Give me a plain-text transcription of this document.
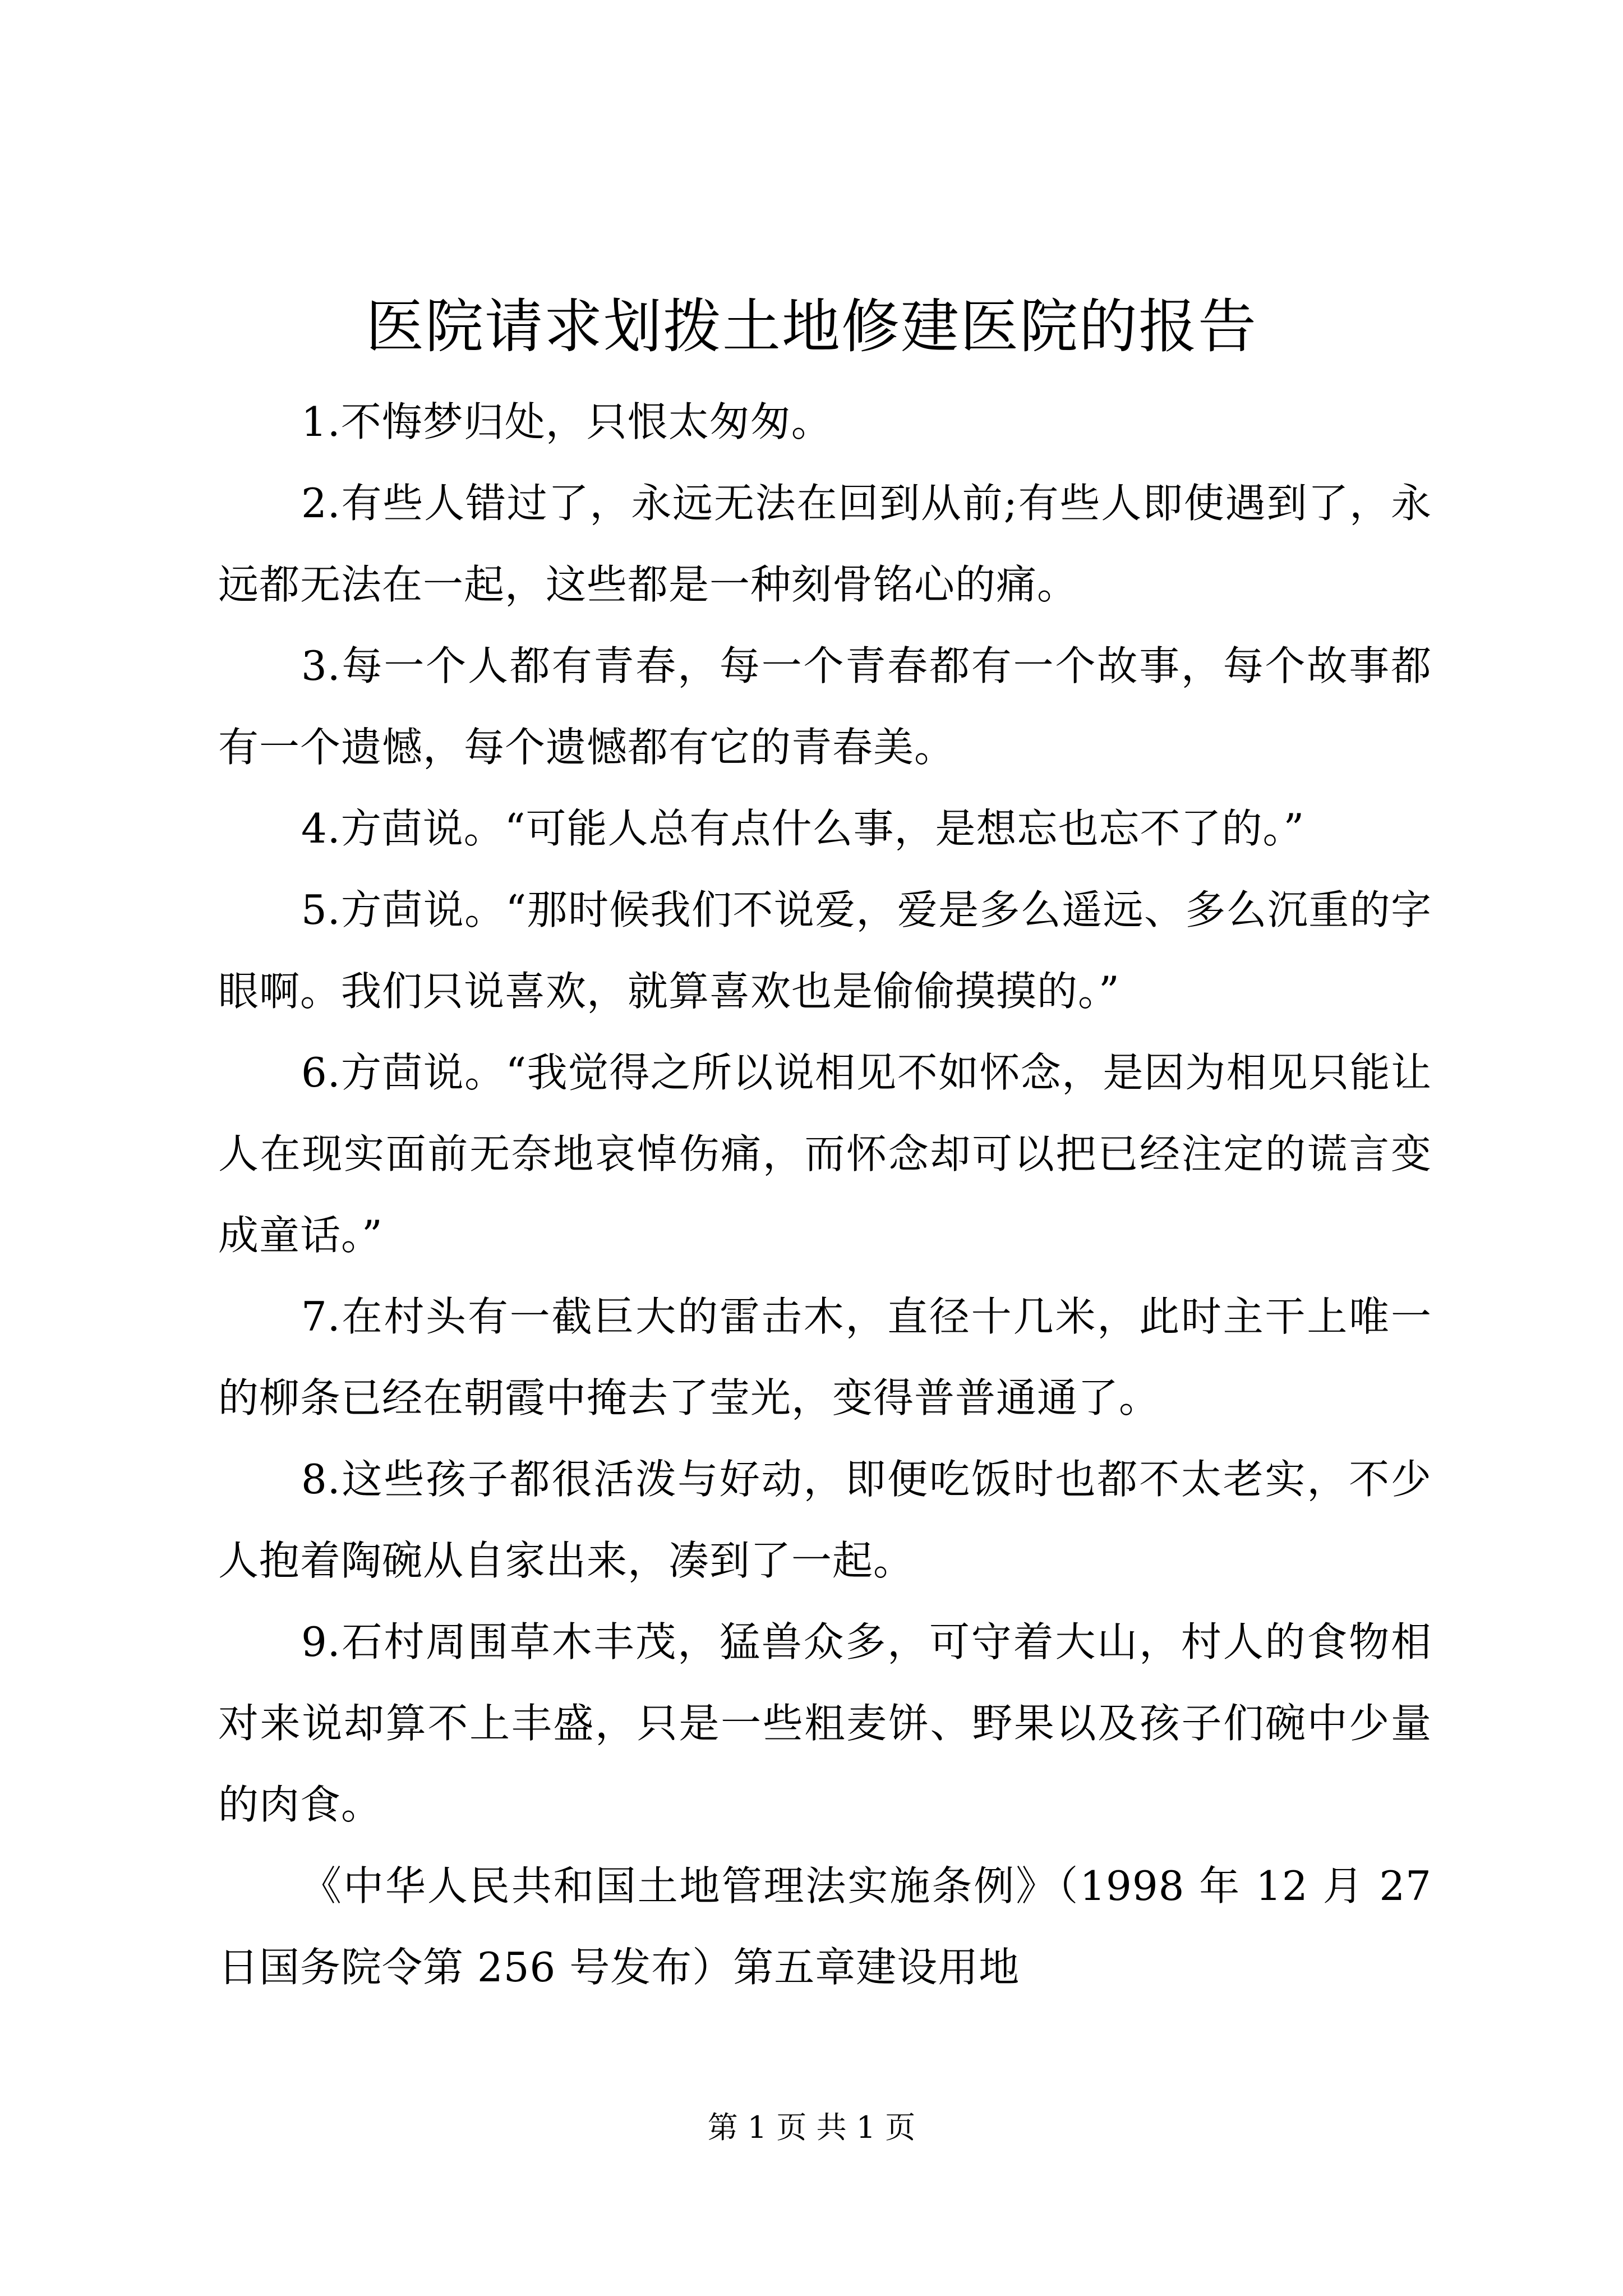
医院请求划拨土地修建医院的报告

1.不悔梦归处，只恨太匆匆。

2.有些人错过了，永远无法在回到从前;有些人即使遇到了，永远都无法在一起，这些都是一种刻骨铭心的痛。

3.每一个人都有青春，每一个青春都有一个故事，每个故事都有一个遗憾，每个遗憾都有它的青春美。

4.方茴说。“可能人总有点什么事，是想忘也忘不了的。”

5.方茴说。“那时候我们不说爱，爱是多么遥远、多么沉重的字眼啊。我们只说喜欢，就算喜欢也是偷偷摸摸的。”

6.方茴说。“我觉得之所以说相见不如怀念，是因为相见只能让人在现实面前无奈地哀悼伤痛，而怀念却可以把已经注定的谎言变成童话。”

7.在村头有一截巨大的雷击木，直径十几米，此时主干上唯一的柳条已经在朝霞中掩去了莹光，变得普普通通了。

8.这些孩子都很活泼与好动，即便吃饭时也都不太老实，不少人抱着陶碗从自家出来，凑到了一起。

9.石村周围草木丰茂，猛兽众多，可守着大山，村人的食物相对来说却算不上丰盛，只是一些粗麦饼、野果以及孩子们碗中少量的肉食。

《中华人民共和国土地管理法实施条例》（1998 年 12 月 27 日国务院令第 256 号发布）第五章建设用地

第 1 页 共 1 页
